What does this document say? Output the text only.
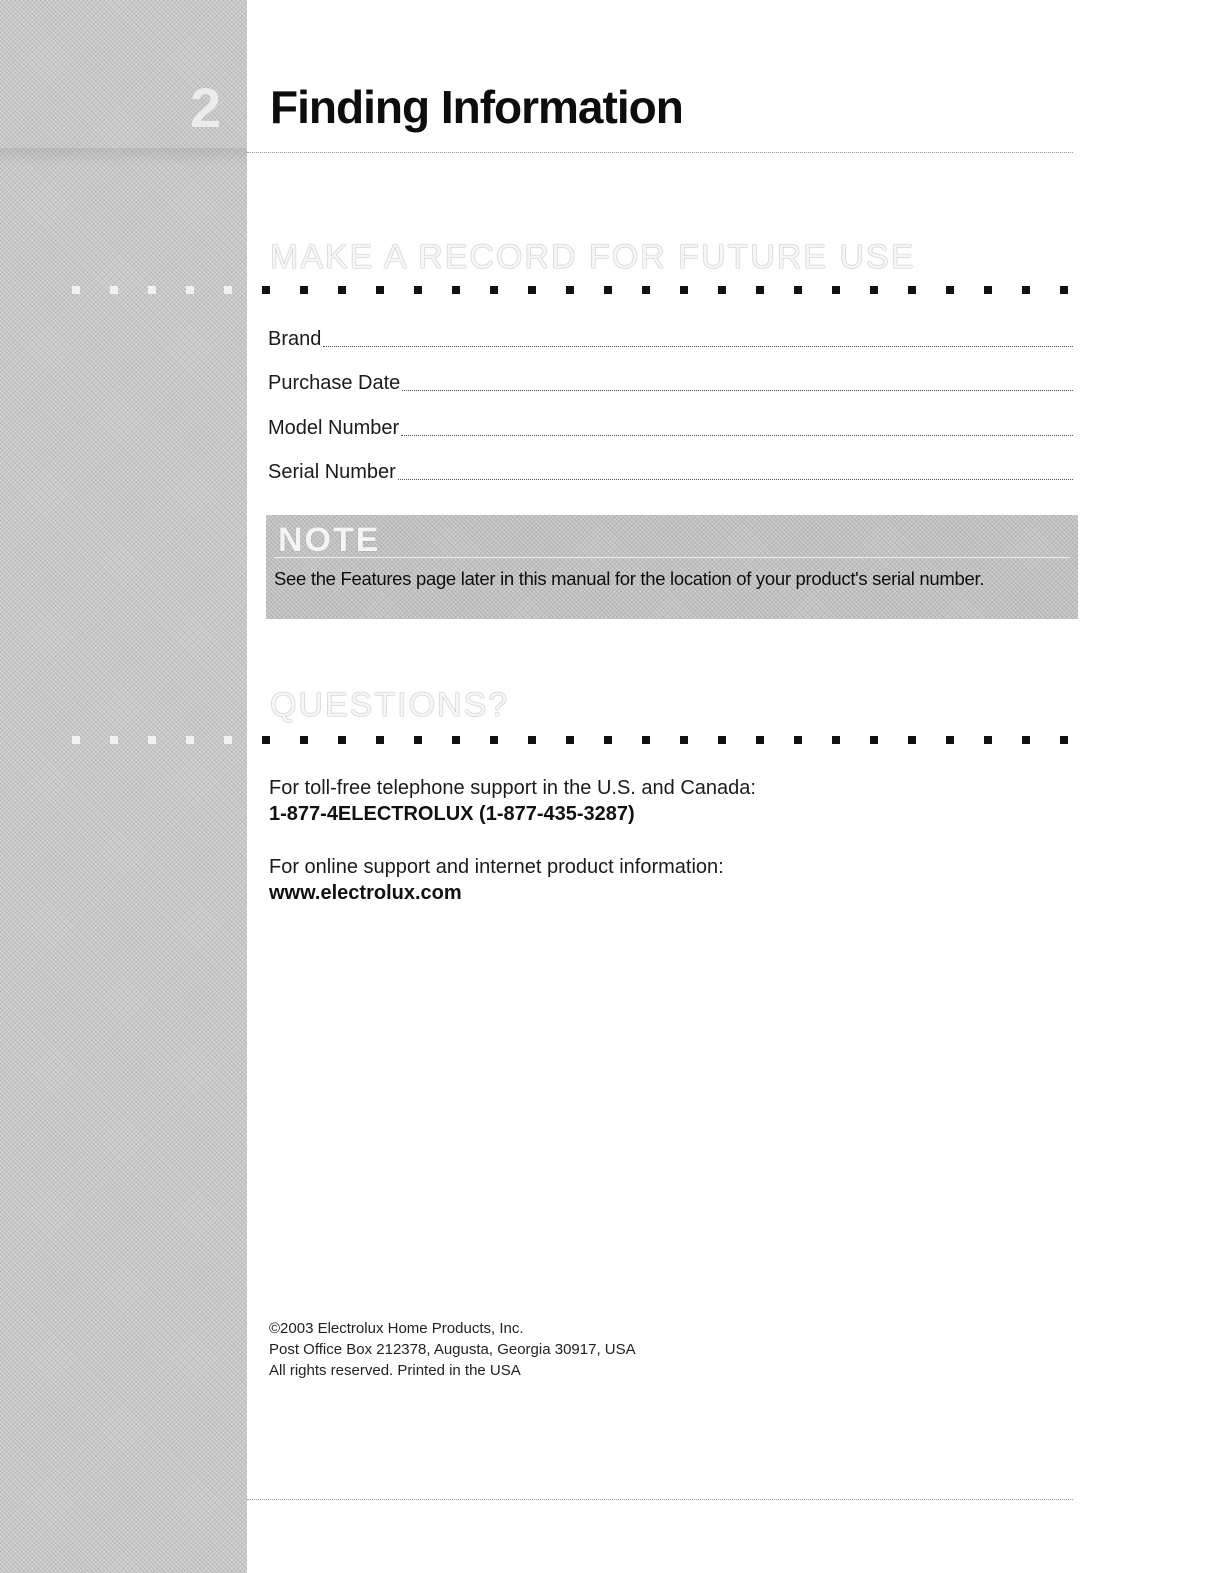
2	Finding Information
MAKE A RECORD FOR FUTURE USE
Brand
Purchase Date
Model Number
Serial Number
NOTE

See the Features page later in this manual for the location of your product's serial number.

QUESTIONS?

For toll-free telephone support in the U.S. and Canada:

1-877-4ELECTROLUX (1-877-435-3287)

For online support and internet product information:

www.electrolux.com

©2003 Electrolux Home Products, Inc.
Post Office Box 212378, Augusta, Georgia 30917, USA
All rights reserved. Printed in the USA
